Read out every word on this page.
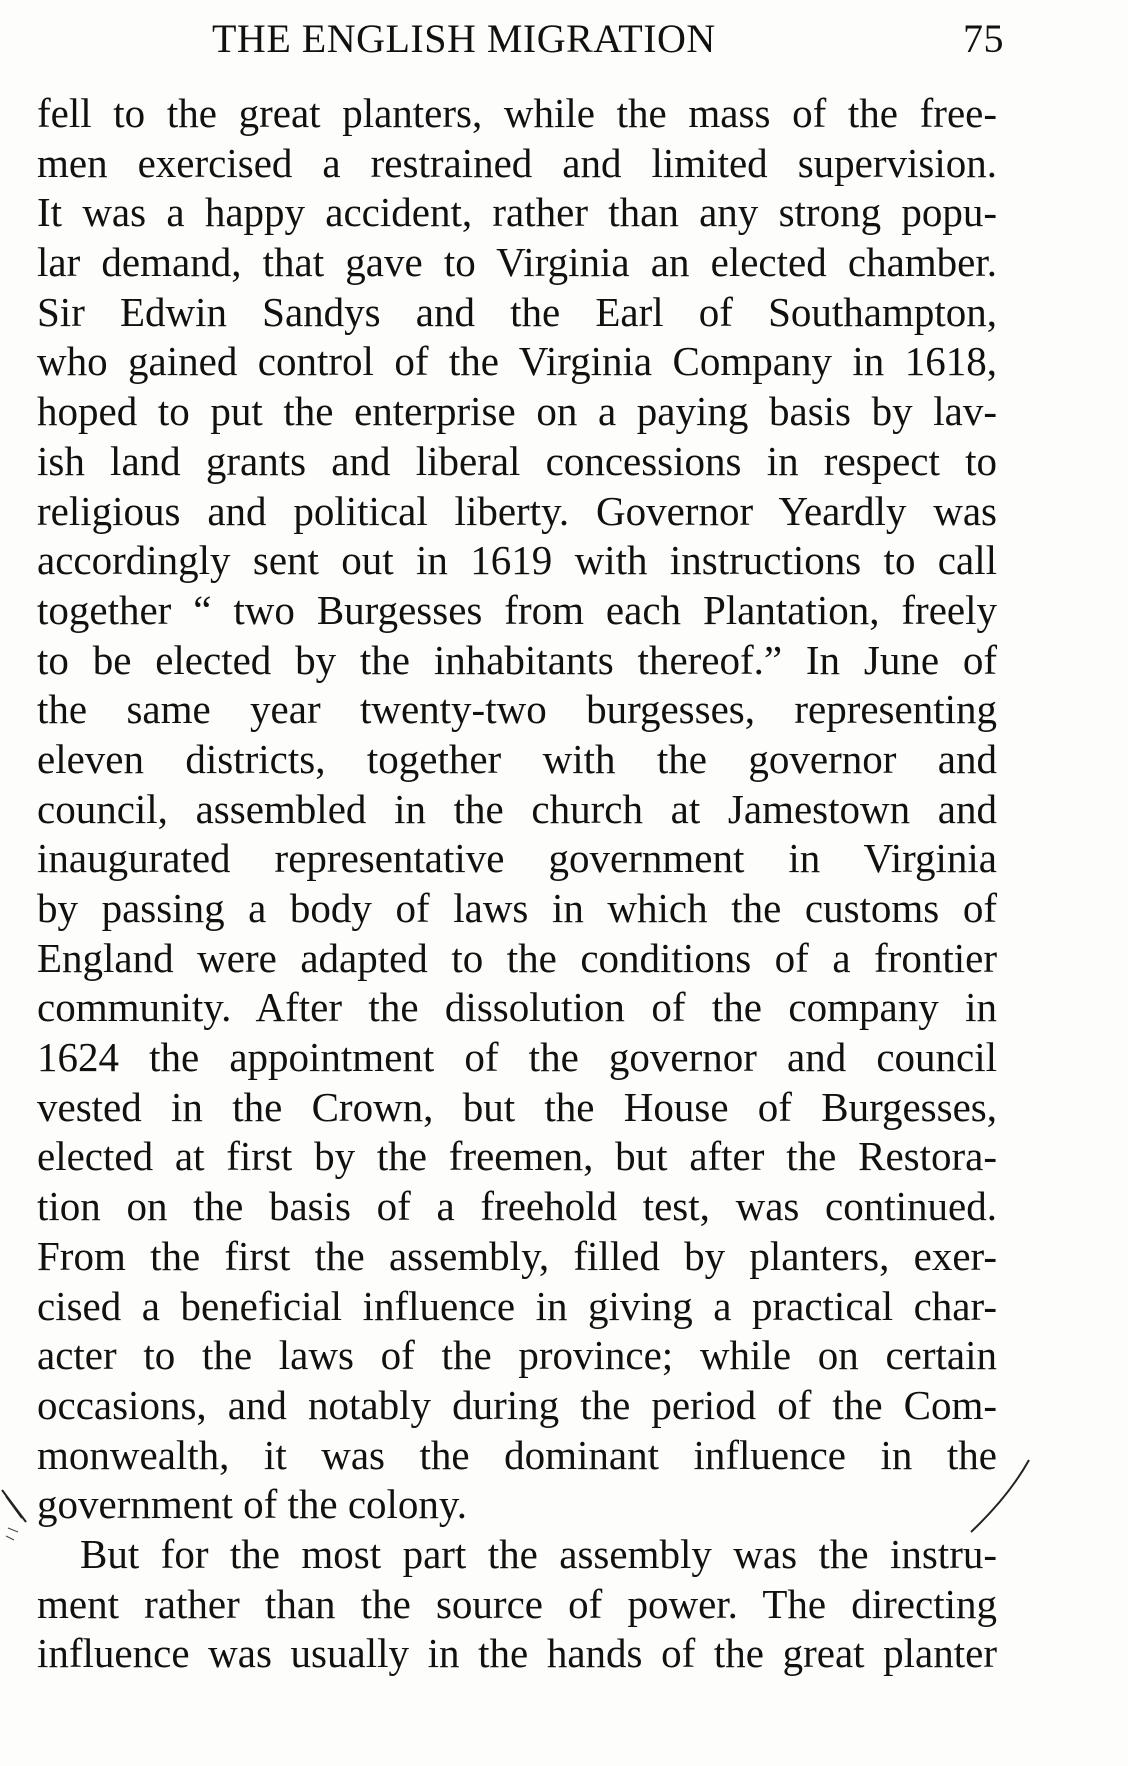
THE ENGLISH MIGRATION	75
fell to the great planters, while the mass of the free-
men exercised a restrained and limited supervision.
It was a happy accident, rather than any strong popu-
lar demand, that gave to Virginia an elected chamber.
Sir Edwin Sandys and the Earl of Southampton,
who gained control of the Virginia Company in 1618,
hoped to put the enterprise on a paying basis by lav-
ish land grants and liberal concessions in respect to
religious and political liberty. Governor Yeardly was
accordingly sent out in 1619 with instructions to call
together “ two Burgesses from each Plantation, freely
to be elected by the inhabitants thereof.” In June of
the same year twenty-two burgesses, representing
eleven districts, together with the governor and
council, assembled in the church at Jamestown and
inaugurated representative government in Virginia
by passing a body of laws in which the customs of
England were adapted to the conditions of a frontier
community. After the dissolution of the company in
1624 the appointment of the governor and council
vested in the Crown, but the House of Burgesses,
elected at first by the freemen, but after the Restora-
tion on the basis of a freehold test, was continued.
From the first the assembly, filled by planters, exer-
cised a beneficial influence in giving a practical char-
acter to the laws of the province; while on certain
occasions, and notably during the period of the Com-
monwealth, it was the dominant influence in the
government of the colony.
But for the most part the assembly was the instru-
ment rather than the source of power. The directing
influence was usually in the hands of the great planter
